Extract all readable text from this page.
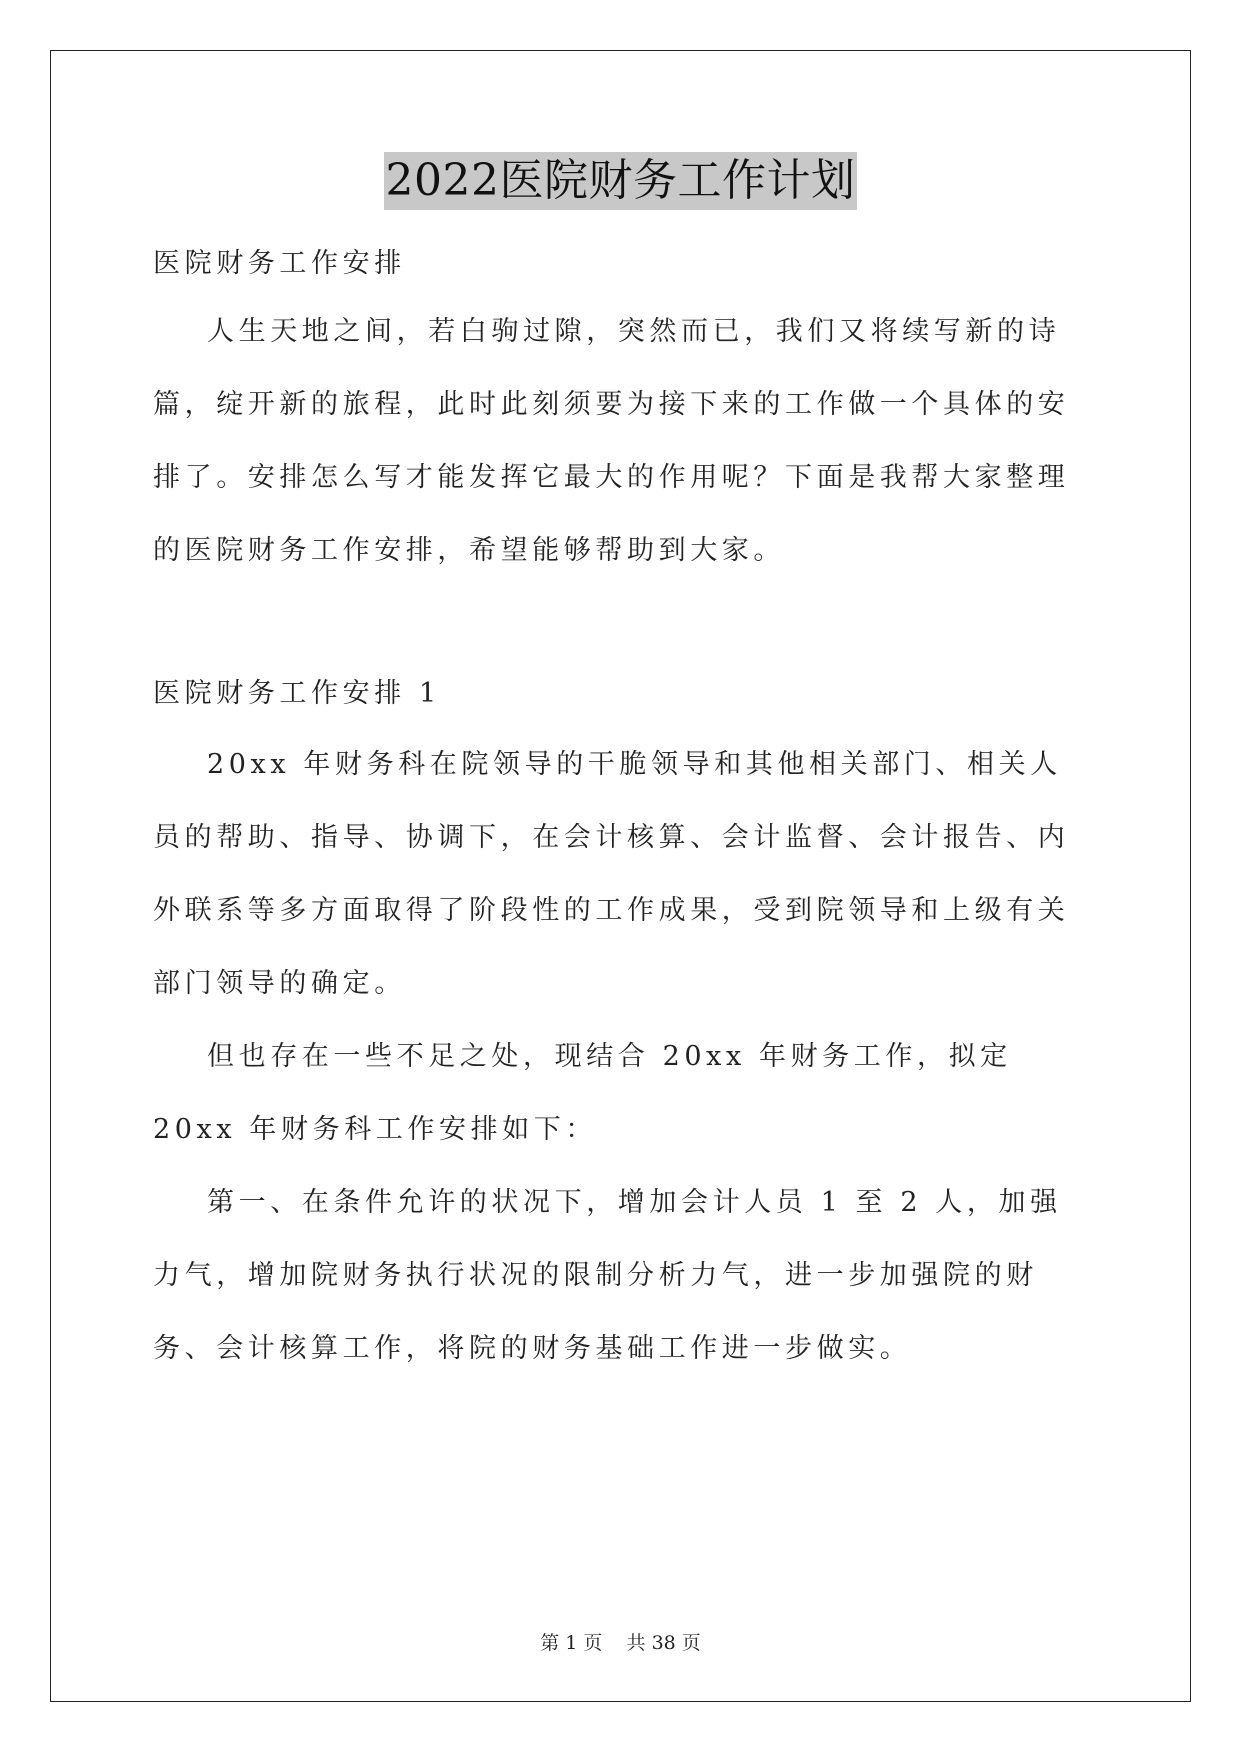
2022医院财务工作计划

医院财务工作安排

人生天地之间，若白驹过隙，突然而已，我们又将续写新的诗篇，绽开新的旅程，此时此刻须要为接下来的工作做一个具体的安排了。安排怎么写才能发挥它最大的作用呢？下面是我帮大家整理的医院财务工作安排，希望能够帮助到大家。

医院财务工作安排 1

20xx 年财务科在院领导的干脆领导和其他相关部门、相关人员的帮助、指导、协调下，在会计核算、会计监督、会计报告、内外联系等多方面取得了阶段性的工作成果，受到院领导和上级有关部门领导的确定。

但也存在一些不足之处，现结合 20xx 年财务工作，拟定 20xx 年财务科工作安排如下：

第一、在条件允许的状况下，增加会计人员 1 至 2 人，加强力气，增加院财务执行状况的限制分析力气，进一步加强院的财务、会计核算工作，将院的财务基础工作进一步做实。

第 1 页 共 38 页
